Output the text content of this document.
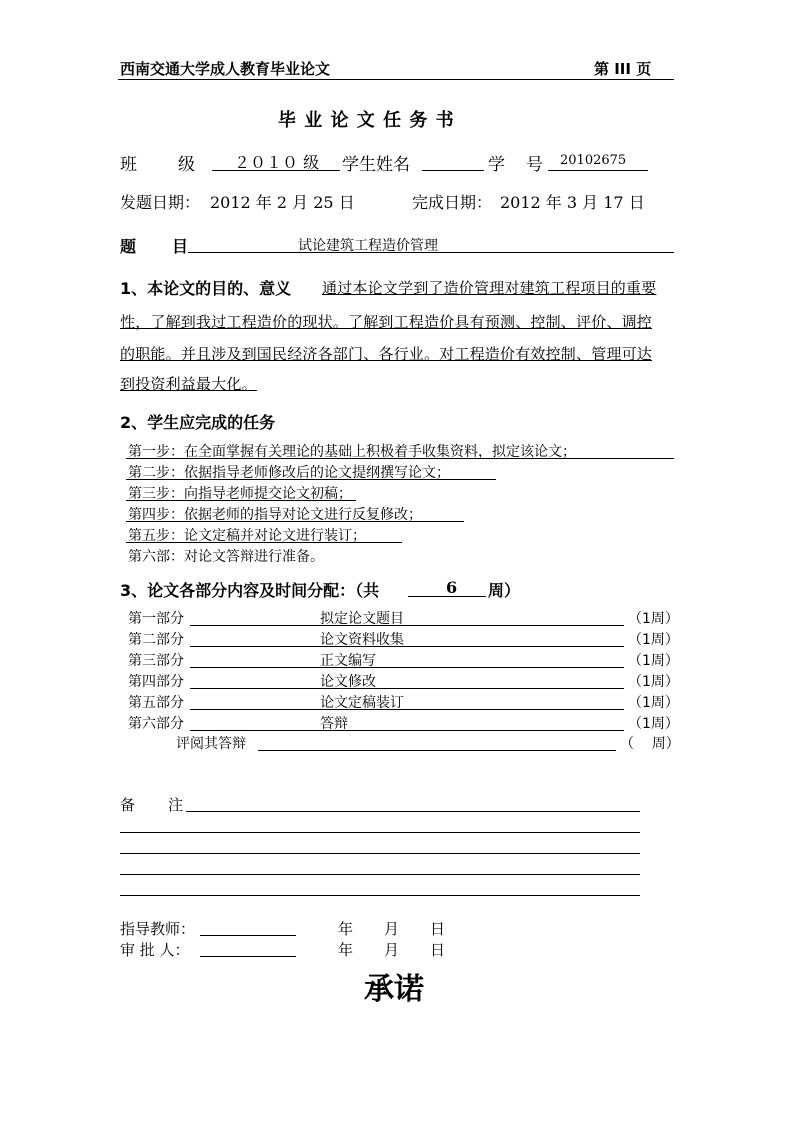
西南交通大学成人教育毕业论文	第 III 页
毕 业 论 文 任 务 书
班 级 ２０１０ 级 学生姓名	学 号 20102675
发题日期： 2012 年 2 月 25 日	完成日期： 2012 年 3 月 17 日
题 目	试论建筑工程造价管理
1、本论文的目的、意义 通过本论文学到了造价管理对建筑工程项目的重要
性，了解到我过工程造价的现状。了解到工程造价具有预测、控制、评价、调控
的职能。并且涉及到国民经济各部门、各行业。对工程造价有效控制、管理可达
到投资利益最大化。
2、学生应完成的任务
第一步：在全面掌握有关理论的基础上积极着手收集资料，拟定该论文；
第二步：依据指导老师修改后的论文提纲撰写论文；
第三步：向指导老师提交论文初稿；
第四步：依据老师的指导对论文进行反复修改；
第五步：论文定稿并对论文进行装订；
第六部：对论文答辩进行准备。
3、论文各部分内容及时间分配：（共	6 周）
第一部分	拟定论文题目	（1周）
第二部分	论文资料收集	（1周）
第三部分	正文编写	（1周）
第四部分	论文修改	（1周）
第五部分	论文定稿装订	（1周）
第六部分	答辩	（1周）
评阅其答辩	（    周）
备 注
指导教师：	年 月 日
审 批 人：	年 月 日
承诺
